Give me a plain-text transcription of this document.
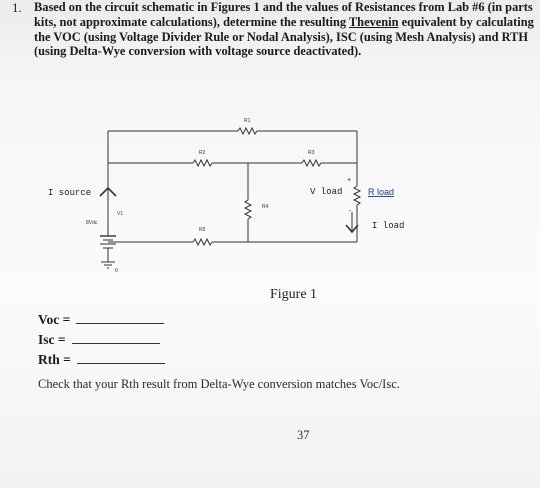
1. Based on the circuit schematic in Figures 1 and the values of Resistances from Lab #6 (in parts kits, not approximate calculations), determine the resulting Thevenin equivalent by calculating the VOC (using Voltage Divider Rule or Nodal Analysis), ISC (using Mesh Analysis) and RTH (using Delta-Wye conversion with voltage source deactivated).
R1
R2	R3
R4
R5
V1
8Vdc
0
I source	V load
I load
+
-
R load
Figure 1
Voc =
Isc =
Rth =
Check that your Rth result from Delta-Wye conversion matches Voc/Isc.
37
